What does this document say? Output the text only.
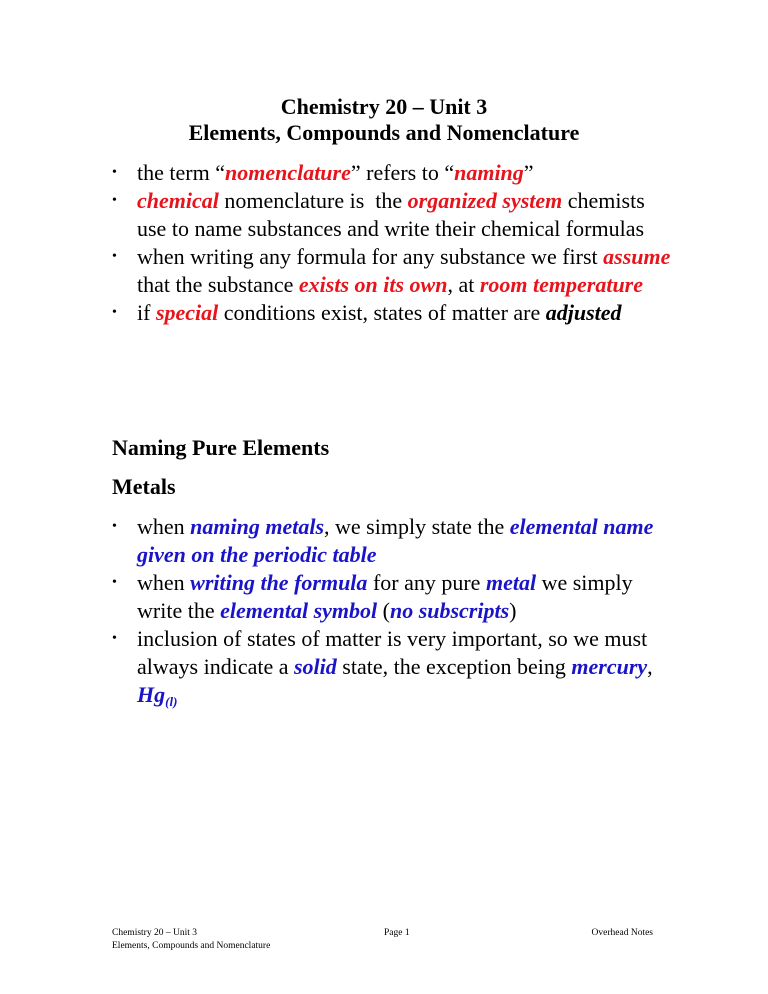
Chemistry 20 – Unit 3
Elements, Compounds and Nomenclature
• the term “nomenclature” refers to “naming”
• chemical nomenclature is  the organized system chemists use to name substances and write their chemical formulas
• when writing any formula for any substance we first assume that the substance exists on its own, at room temperature
• if special conditions exist, states of matter are adjusted
Naming Pure Elements
Metals
• when naming metals, we simply state the elemental name given on the periodic table
• when writing the formula for any pure metal we simply write the elemental symbol (no subscripts)
• inclusion of states of matter is very important, so we must always indicate a solid state, the exception being mercury, $Hg_{(l)}$
Chemistry 20 – Unit 3
Elements, Compounds and Nomenclature
Page 1	Overhead Notes
